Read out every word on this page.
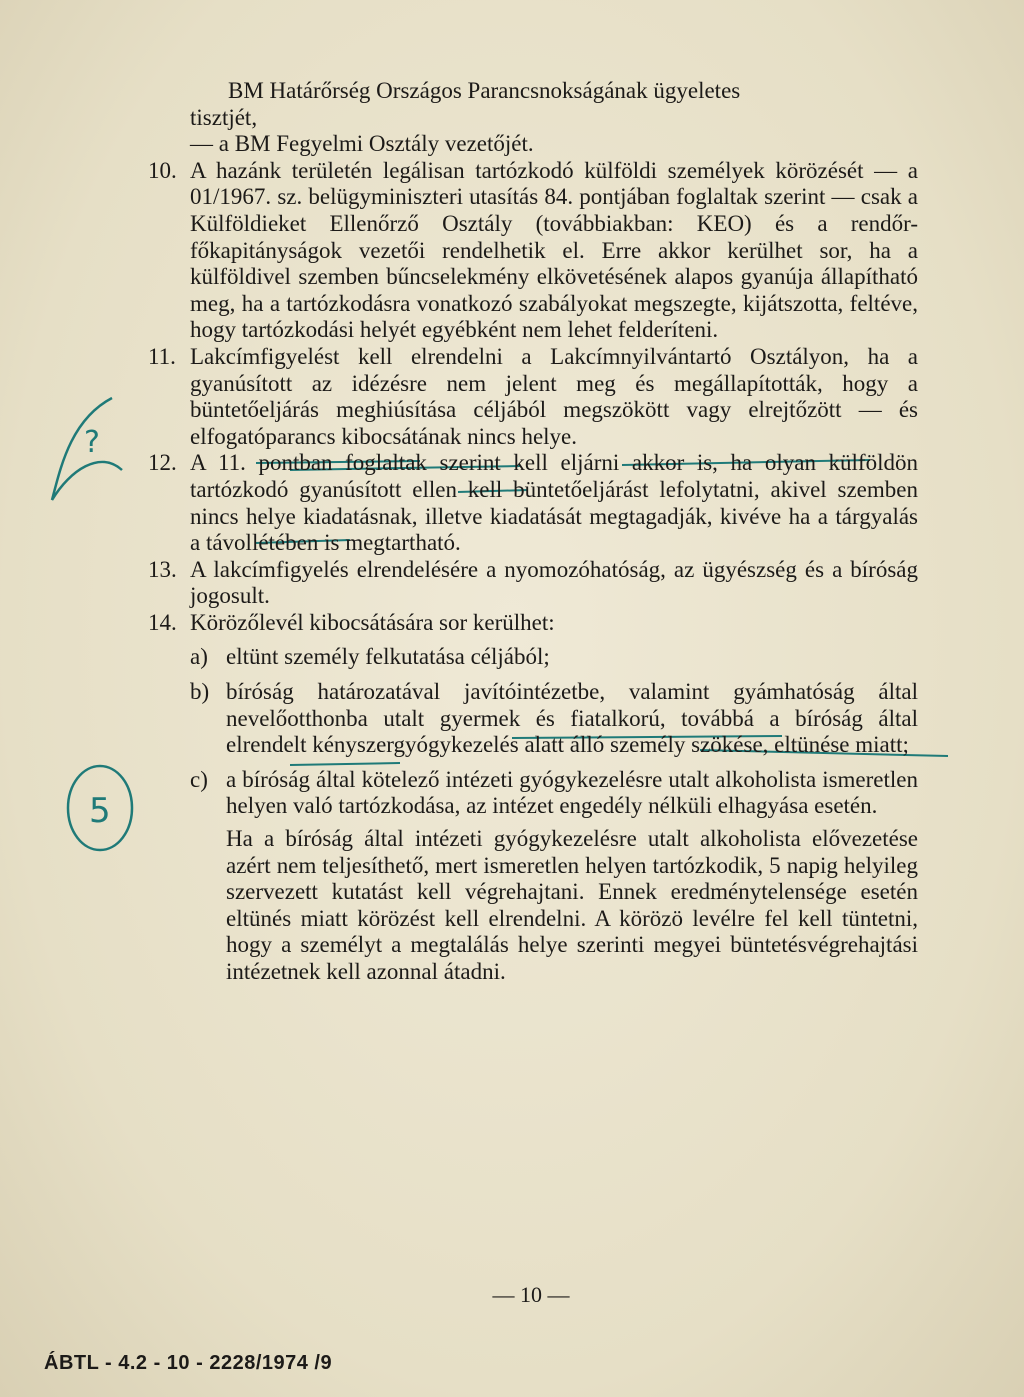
?
5

BM Határőrség Országos Parancsnokságának ügyeletes

tisztjét,

— a BM Fegyelmi Osztály vezetőjét.

10. A hazánk területén legálisan tartózkodó külföldi személyek körözését — a 01/1967. sz. belügyminiszteri utasítás 84. pontjában foglaltak szerint — csak a Külföldieket Ellenőrző Osztály (továbbiakban: KEO) és a rendőr-főkapitányságok vezetői rendelhetik el. Erre akkor kerülhet sor, ha a külföldivel szemben bűncselekmény elkövetésének alapos gyanúja állapítható meg, ha a tartózkodásra vonatkozó szabályokat megszegte, kijátszotta, feltéve, hogy tartózkodási helyét egyébként nem lehet felderíteni.

11. Lakcímfigyelést kell elrendelni a Lakcímnyilvántartó Osztályon, ha a gyanúsított az idézésre nem jelent meg és megállapították, hogy a büntetőeljárás meghiúsítása céljából megszökött vagy elrejtőzött — és elfogatóparancs kibocsátának nincs helye.

12. A 11. pontban foglaltak szerint kell eljárni akkor is, ha olyan külföldön tartózkodó gyanúsított ellen kell büntetőeljárást lefolytatni, akivel szemben nincs helye kiadatásnak, illetve kiadatását megtagadják, kivéve ha a tárgyalás a távollétében is megtartható.

13. A lakcímfigyelés elrendelésére a nyomozóhatóság, az ügyészség és a bíróság jogosult.

14. Körözőlevél kibocsátására sor kerülhet:

a) eltünt személy felkutatása céljából;

b) bíróság határozatával javítóintézetbe, valamint gyámhatóság által nevelőotthonba utalt gyermek és fiatalkorú, továbbá a bíróság által elrendelt kényszergyógykezelés alatt álló személy szökése, eltünése miatt;

c) a bíróság által kötelező intézeti gyógykezelésre utalt alkoholista ismeretlen helyen való tartózkodása, az intézet engedély nélküli elhagyása esetén.

Ha a bíróság által intézeti gyógykezelésre utalt alkoholista elővezetése azért nem teljesíthető, mert ismeretlen helyen tartózkodik, 5 napig helyileg szervezett kutatást kell végrehajtani. Ennek eredménytelensége esetén eltünés miatt körözést kell elrendelni. A körözö levélre fel kell tüntetni, hogy a személyt a megtalálás helye szerinti megyei büntetésvégrehajtási intézetnek kell azonnal átadni.

— 10 —
ÁBTL - 4.2 - 10 - 2228/1974 /9
